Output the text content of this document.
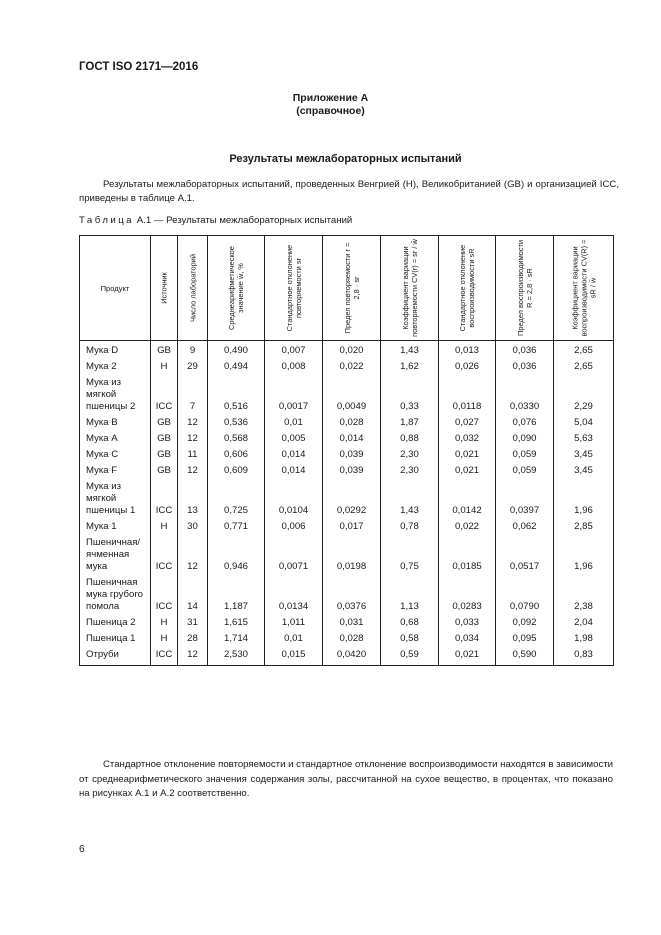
ГОСТ ISO 2171—2016
Приложение А
(справочное)
Результаты межлабораторных испытаний
Результаты межлабораторных испытаний, проведенных Венгрией (Н), Великобританией (GB) и организацией ICC, приведены в таблице А.1.
Таблица А.1 — Результаты межлабораторных испытаний
Продукт	Источник	Число лабораторий	Среднеарифметическое значение w̄, %	Стандартное отклонение повторяемости sr	Предел повторяемости r = 2,8 · sr	Коэффициент вариации повторяемости CV(r) = sr / w̄	Стандартное отклонение воспроизводимости sR	Предел воспроизводимости R = 2,8 · sR	Коэффициент вариации воспроизводимости CV(R) = sR / w̄

Мука D	GB	9	0,490	0,007	0,020	1,43	0,013	0,036	2,65
Мука 2	Н	29	0,494	0,008	0,022	1,62	0,026	0,036	2,65
Мука из мягкой пшеницы 2	ICC	7	0,516	0,0017	0,0049	0,33	0,0118	0,0330	2,29
Мука В	GB	12	0,536	0,01	0,028	1,87	0,027	0,076	5,04
Мука А	GB	12	0,568	0,005	0,014	0,88	0,032	0,090	5,63
Мука С	GB	11	0,606	0,014	0,039	2,30	0,021	0,059	3,45
Мука F	GB	12	0,609	0,014	0,039	2,30	0,021	0,059	3,45
Мука из мягкой пшеницы 1	ICC	13	0,725	0,0104	0,0292	1,43	0,0142	0,0397	1,96
Мука 1	Н	30	0,771	0,006	0,017	0,78	0,022	0,062	2,85
Пшеничная/ ячменная мука	ICC	12	0,946	0,0071	0,0198	0,75	0,0185	0,0517	1,96
Пшеничная мука грубого помола	ICC	14	1,187	0,0134	0,0376	1,13	0,0283	0,0790	2,38
Пшеница 2	Н	31	1,615	1,011	0,031	0,68	0,033	0,092	2,04
Пшеница 1	Н	28	1,714	0,01	0,028	0,58	0,034	0,095	1,98
Отруби	ICC	12	2,530	0,015	0,0420	0,59	0,021	0,590	0,83
Стандартное отклонение повторяемости и стандартное отклонение воспроизводимости находятся в зависимости от среднеарифметического значения содержания золы, рассчитанной на сухое вещество, в процентах, что показано на рисунках А.1 и А.2 соответственно.
6
